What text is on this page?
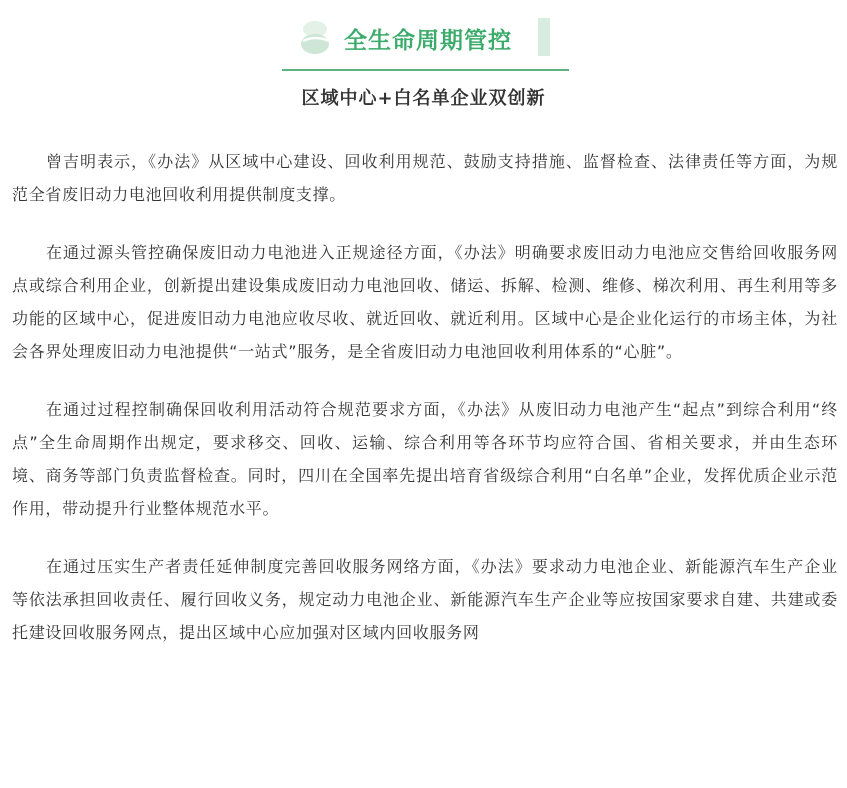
全生命周期管控
区域中心+白名单企业双创新

曾吉明表示，《办法》从区域中心建设、回收利用规范、鼓励支持措施、监督检查、法律责任等方面，为规范全省废旧动力电池回收利用提供制度支撑。

在通过源头管控确保废旧动力电池进入正规途径方面，《办法》明确要求废旧动力电池应交售给回收服务网点或综合利用企业，创新提出建设集成废旧动力电池回收、储运、拆解、检测、维修、梯次利用、再生利用等多功能的区域中心，促进废旧动力电池应收尽收、就近回收、就近利用。区域中心是企业化运行的市场主体，为社会各界处理废旧动力电池提供“一站式”服务，是全省废旧动力电池回收利用体系的“心脏”。

在通过过程控制确保回收利用活动符合规范要求方面，《办法》从废旧动力电池产生“起点”到综合利用“终点”全生命周期作出规定，要求移交、回收、运输、综合利用等各环节均应符合国、省相关要求，并由生态环境、商务等部门负责监督检查。同时，四川在全国率先提出培育省级综合利用“白名单”企业，发挥优质企业示范作用，带动提升行业整体规范水平。

在通过压实生产者责任延伸制度完善回收服务网络方面，《办法》要求动力电池企业、新能源汽车生产企业等依法承担回收责任、履行回收义务，规定动力电池企业、新能源汽车生产企业等应按国家要求自建、共建或委托建设回收服务网点，提出区域中心应加强对区域内回收服务网
